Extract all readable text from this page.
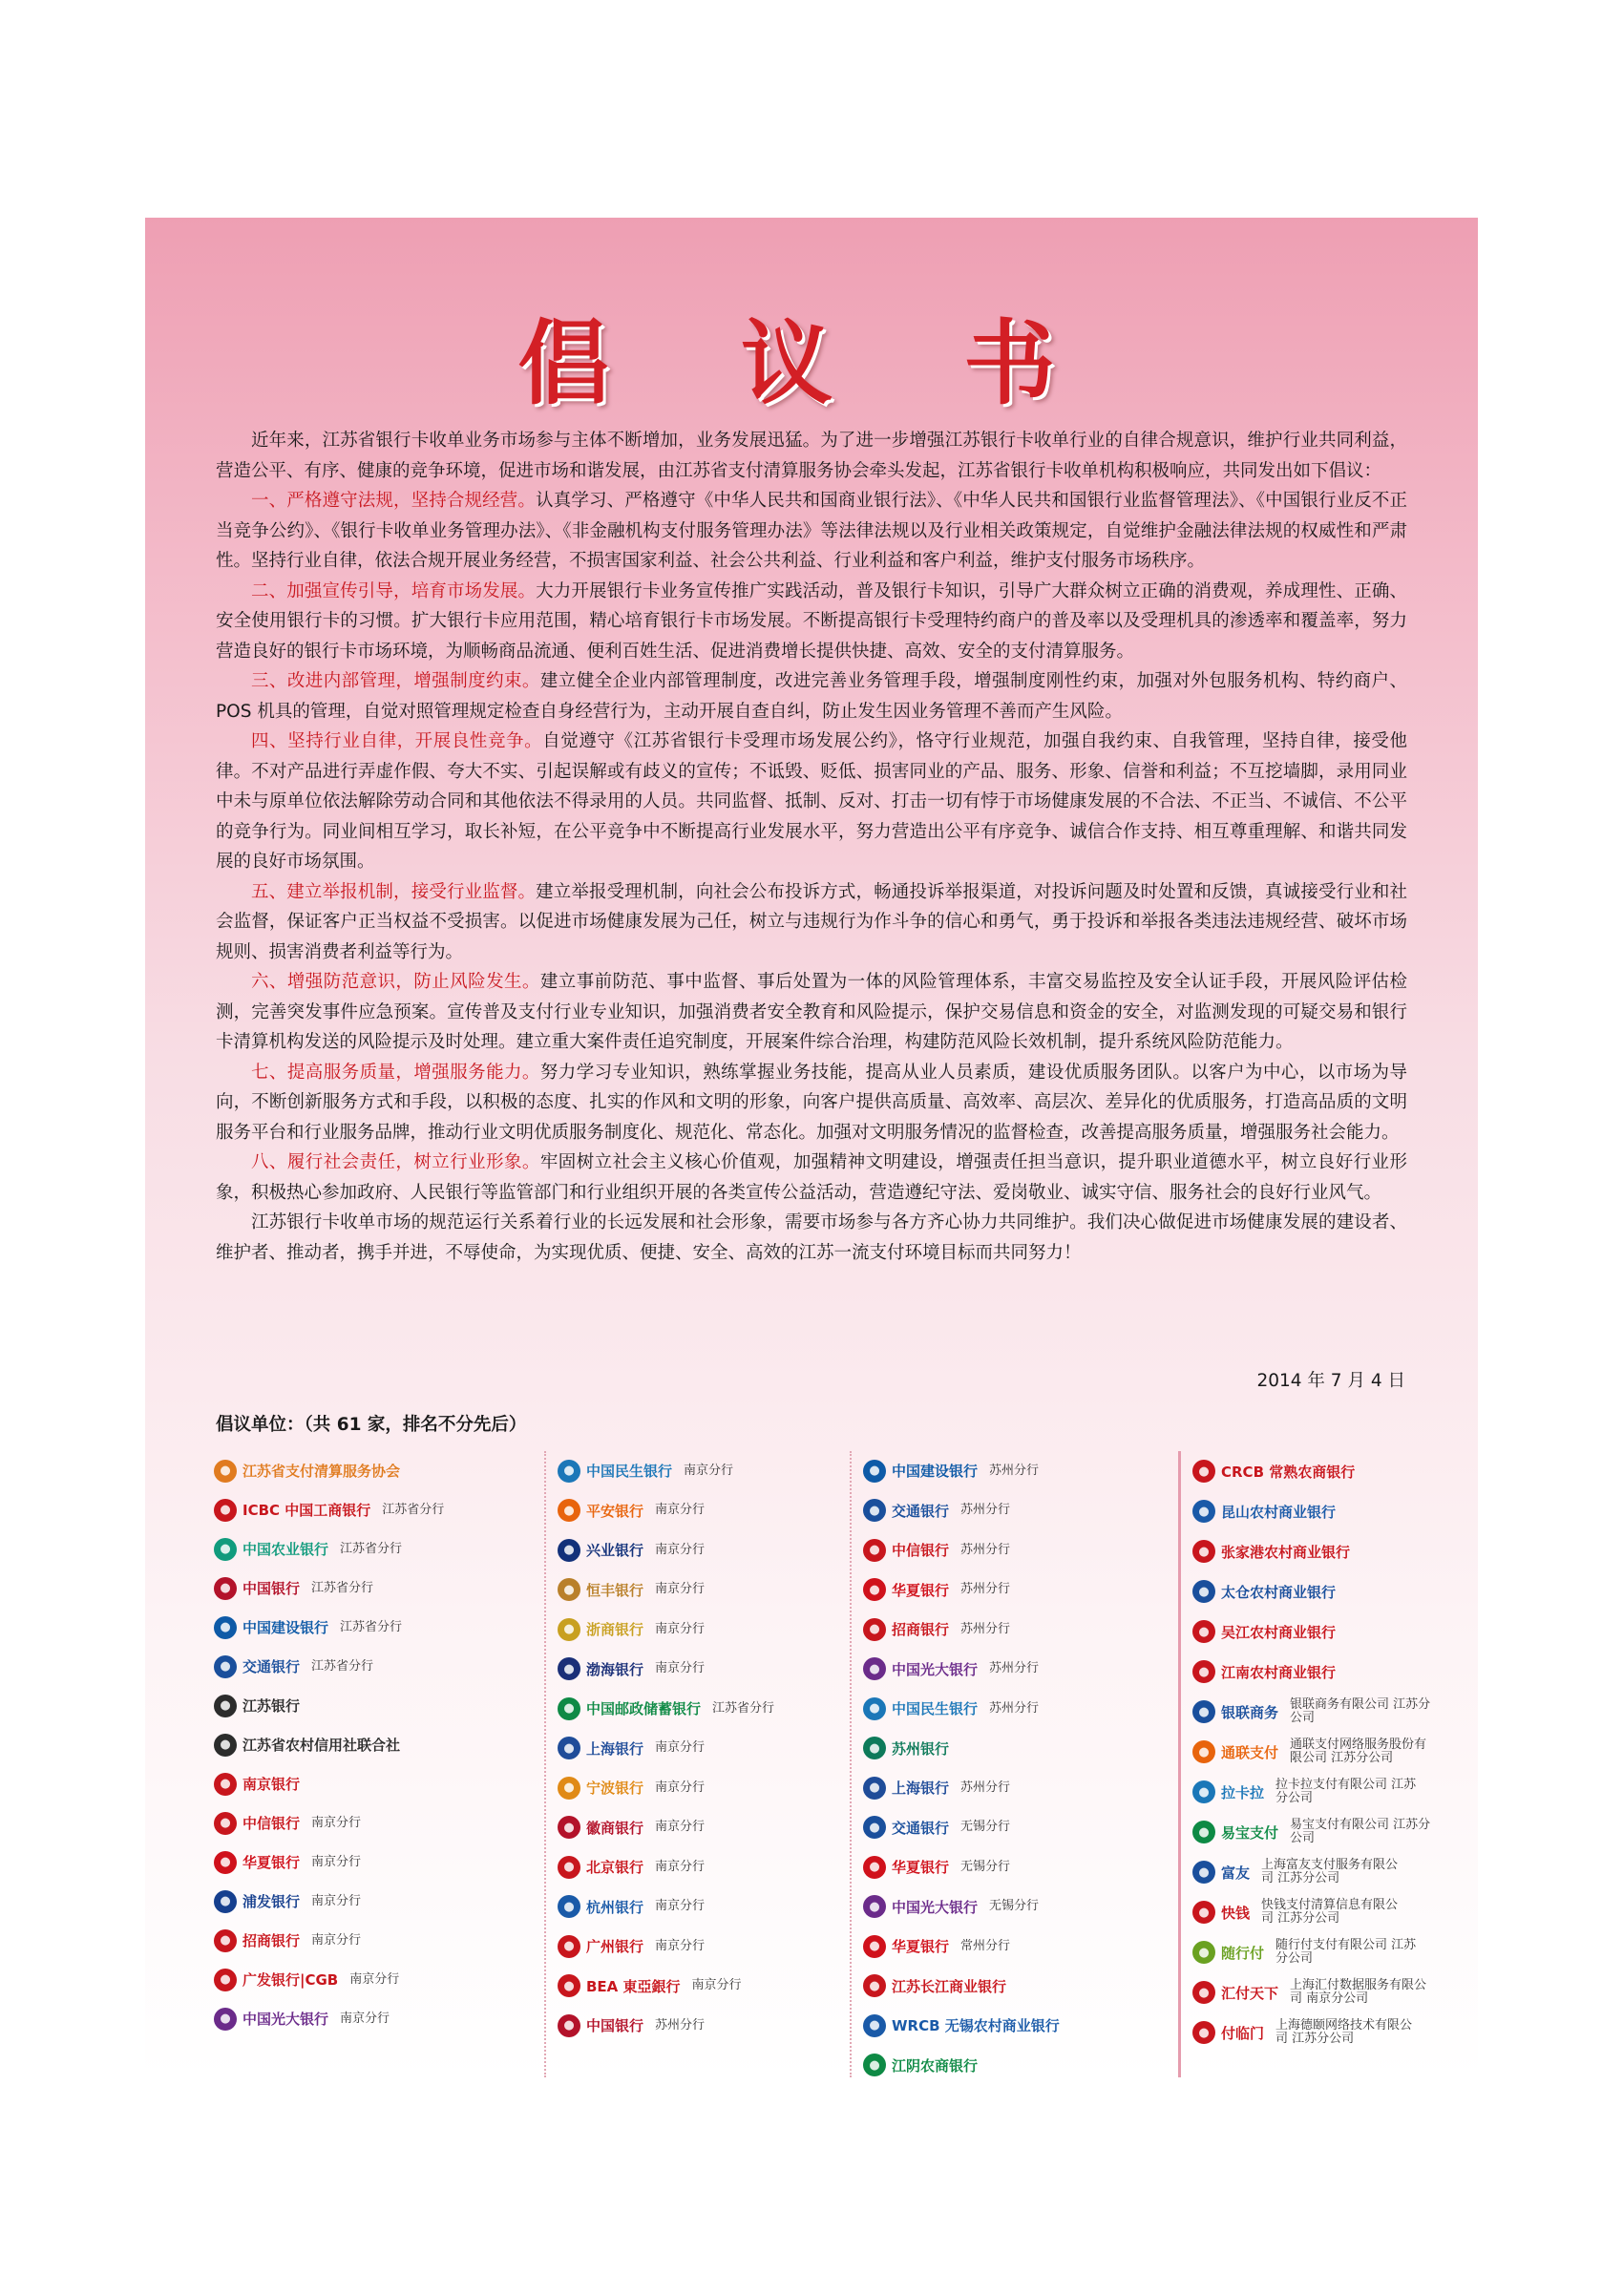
倡 议 书

近年来，江苏省银行卡收单业务市场参与主体不断增加，业务发展迅猛。为了进一步增强江苏银行卡收单行业的自律合规意识，维护行业共同利益，营造公平、有序、健康的竞争环境，促进市场和谐发展，由江苏省支付清算服务协会牵头发起，江苏省银行卡收单机构积极响应，共同发出如下倡议：

一、严格遵守法规，坚持合规经营。认真学习、严格遵守《中华人民共和国商业银行法》、《中华人民共和国银行业监督管理法》、《中国银行业反不正当竞争公约》、《银行卡收单业务管理办法》、《非金融机构支付服务管理办法》等法律法规以及行业相关政策规定，自觉维护金融法律法规的权威性和严肃性。坚持行业自律，依法合规开展业务经营，不损害国家利益、社会公共利益、行业利益和客户利益，维护支付服务市场秩序。

二、加强宣传引导，培育市场发展。大力开展银行卡业务宣传推广实践活动，普及银行卡知识，引导广大群众树立正确的消费观，养成理性、正确、安全使用银行卡的习惯。扩大银行卡应用范围，精心培育银行卡市场发展。不断提高银行卡受理特约商户的普及率以及受理机具的渗透率和覆盖率，努力营造良好的银行卡市场环境，为顺畅商品流通、便利百姓生活、促进消费增长提供快捷、高效、安全的支付清算服务。

三、改进内部管理，增强制度约束。建立健全企业内部管理制度，改进完善业务管理手段，增强制度刚性约束，加强对外包服务机构、特约商户、POS 机具的管理，自觉对照管理规定检查自身经营行为，主动开展自查自纠，防止发生因业务管理不善而产生风险。

四、坚持行业自律，开展良性竞争。自觉遵守《江苏省银行卡受理市场发展公约》，恪守行业规范，加强自我约束、自我管理，坚持自律，接受他律。不对产品进行弄虚作假、夸大不实、引起误解或有歧义的宣传；不诋毁、贬低、损害同业的产品、服务、形象、信誉和利益；不互挖墙脚，录用同业中未与原单位依法解除劳动合同和其他依法不得录用的人员。共同监督、抵制、反对、打击一切有悖于市场健康发展的不合法、不正当、不诚信、不公平的竞争行为。同业间相互学习，取长补短，在公平竞争中不断提高行业发展水平，努力营造出公平有序竞争、诚信合作支持、相互尊重理解、和谐共同发展的良好市场氛围。

五、建立举报机制，接受行业监督。建立举报受理机制，向社会公布投诉方式，畅通投诉举报渠道，对投诉问题及时处置和反馈，真诚接受行业和社会监督，保证客户正当权益不受损害。以促进市场健康发展为己任，树立与违规行为作斗争的信心和勇气，勇于投诉和举报各类违法违规经营、破坏市场规则、损害消费者利益等行为。

六、增强防范意识，防止风险发生。建立事前防范、事中监督、事后处置为一体的风险管理体系，丰富交易监控及安全认证手段，开展风险评估检测，完善突发事件应急预案。宣传普及支付行业专业知识，加强消费者安全教育和风险提示，保护交易信息和资金的安全，对监测发现的可疑交易和银行卡清算机构发送的风险提示及时处理。建立重大案件责任追究制度，开展案件综合治理，构建防范风险长效机制，提升系统风险防范能力。

七、提高服务质量，增强服务能力。努力学习专业知识，熟练掌握业务技能，提高从业人员素质，建设优质服务团队。以客户为中心，以市场为导向，不断创新服务方式和手段，以积极的态度、扎实的作风和文明的形象，向客户提供高质量、高效率、高层次、差异化的优质服务，打造高品质的文明服务平台和行业服务品牌，推动行业文明优质服务制度化、规范化、常态化。加强对文明服务情况的监督检查，改善提高服务质量，增强服务社会能力。

八、履行社会责任，树立行业形象。牢固树立社会主义核心价值观，加强精神文明建设，增强责任担当意识，提升职业道德水平，树立良好行业形象，积极热心参加政府、人民银行等监管部门和行业组织开展的各类宣传公益活动，营造遵纪守法、爱岗敬业、诚实守信、服务社会的良好行业风气。

江苏银行卡收单市场的规范运行关系着行业的长远发展和社会形象，需要市场参与各方齐心协力共同维护。我们决心做促进市场健康发展的建设者、维护者、推动者，携手并进，不辱使命，为实现优质、便捷、安全、高效的江苏一流支付环境目标而共同努力！

2014 年 7 月 4 日
倡议单位：（共 61 家，排名不分先后）
● 江苏省支付清算服务协会
● ICBC 中国工商银行 江苏省分行
● 中国农业银行 江苏省分行
● 中国银行 江苏省分行
● 中国建设银行 江苏省分行
● 交通银行 江苏省分行
● 江苏银行
● 江苏省农村信用社联合社
● 南京银行
● 中信银行 南京分行
● 华夏银行 南京分行
● 浦发银行 南京分行
● 招商银行 南京分行
● 广发银行|CGB 南京分行
● 中国光大银行 南京分行
● 中国民生银行 南京分行
● 平安银行 南京分行
● 兴业银行 南京分行
● 恒丰银行 南京分行
● 浙商银行 南京分行
● 渤海银行 南京分行
● 中国邮政储蓄银行 江苏省分行
● 上海银行 南京分行
● 宁波银行 南京分行
● 徽商银行 南京分行
● 北京银行 南京分行
● 杭州银行 南京分行
● 广州银行 南京分行
● BEA 東亞銀行 南京分行
● 中国银行 苏州分行
● 中国建设银行 苏州分行
● 交通银行 苏州分行
● 中信银行 苏州分行
● 华夏银行 苏州分行
● 招商银行 苏州分行
● 中国光大银行 苏州分行
● 中国民生银行 苏州分行
● 苏州银行
● 上海银行 苏州分行
● 交通银行 无锡分行
● 华夏银行 无锡分行
● 中国光大银行 无锡分行
● 华夏银行 常州分行
● 江苏长江商业银行
● WRCB 无锡农村商业银行
● 江阴农商银行
● CRCB 常熟农商银行
● 昆山农村商业银行
● 张家港农村商业银行
● 太仓农村商业银行
● 吴江农村商业银行
● 江南农村商业银行
● 银联商务 银联商务有限公司 江苏分公司
● 通联支付 通联支付网络服务股份有限公司 江苏分公司
● 拉卡拉 拉卡拉支付有限公司 江苏分公司
● 易宝支付 易宝支付有限公司 江苏分公司
● 富友 上海富友支付服务有限公司 江苏分公司
● 快钱 快钱支付清算信息有限公司 江苏分公司
● 随行付 随行付支付有限公司 江苏分公司
● 汇付天下 上海汇付数据服务有限公司 南京分公司
● 付临门 上海德颐网络技术有限公司 江苏分公司
